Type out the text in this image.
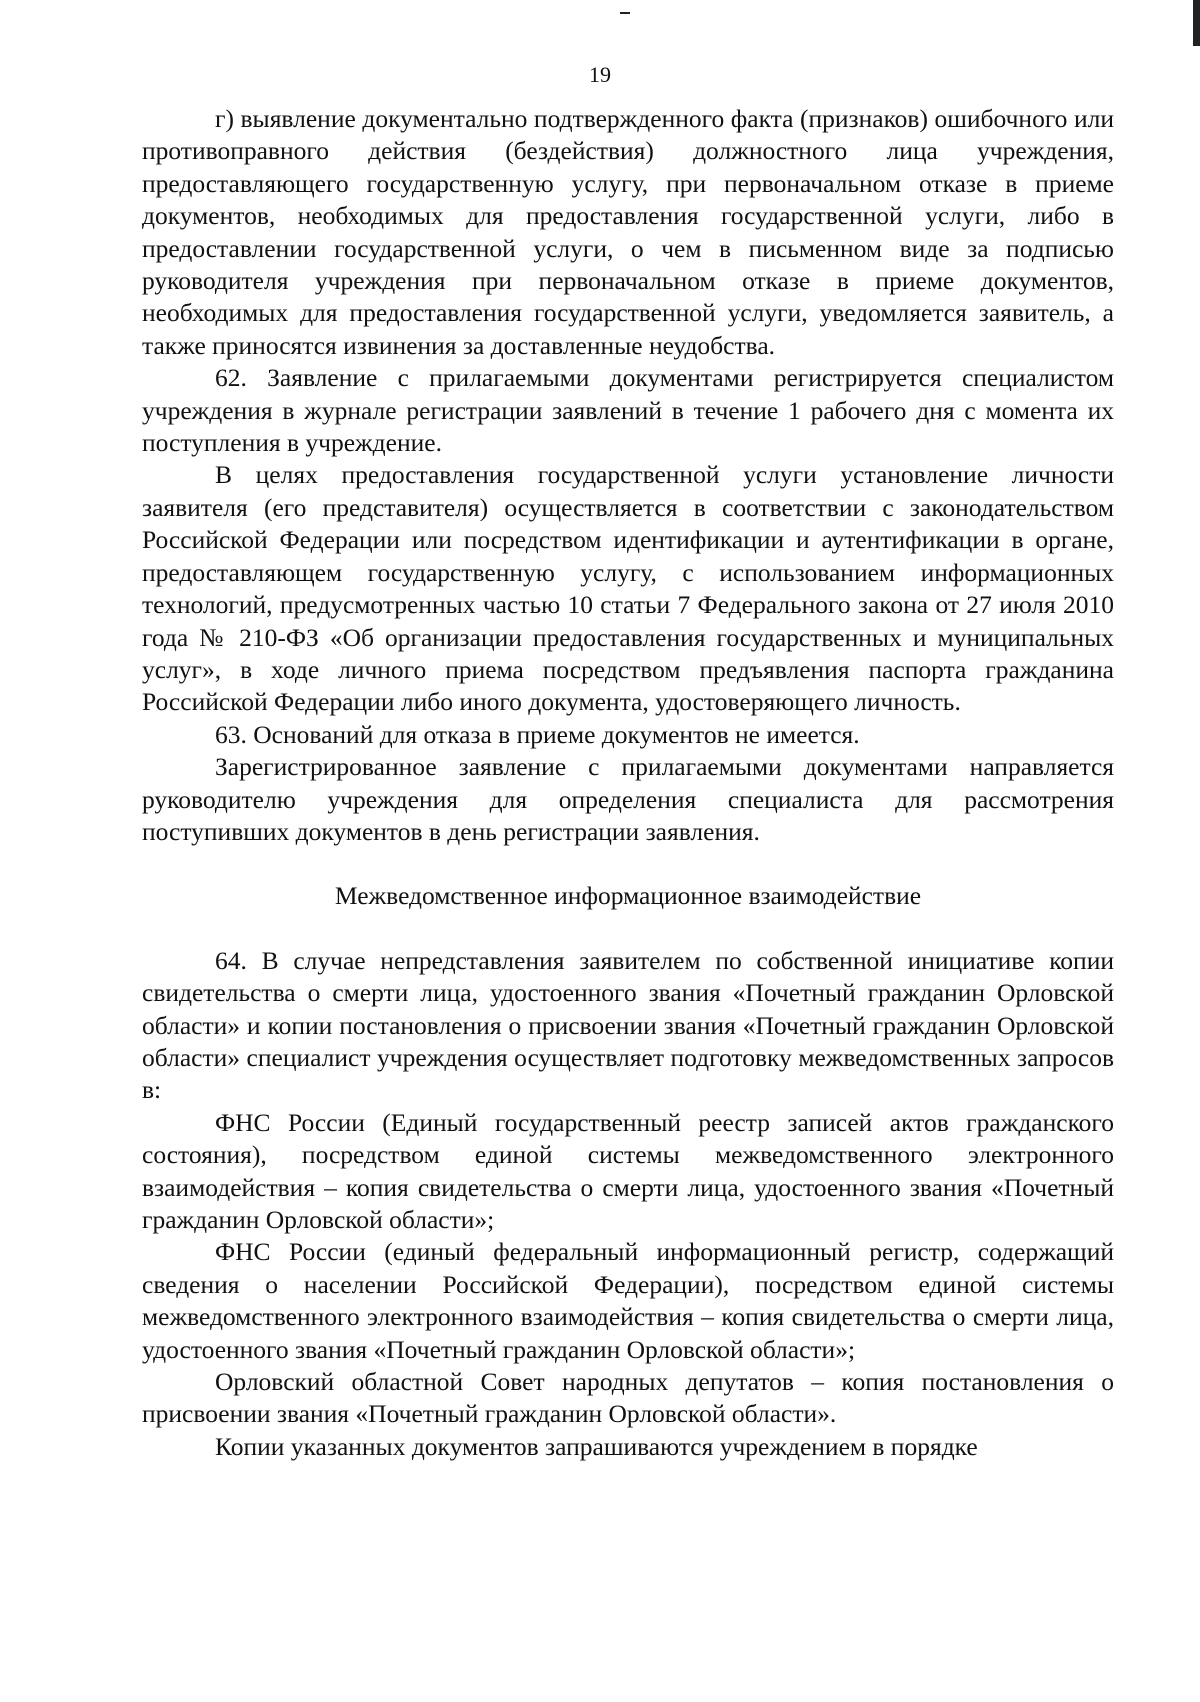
19

г) выявление документально подтвержденного факта (признаков) ошибочного или противоправного действия (бездействия) должностного лица учреждения, предоставляющего государственную услугу, при первоначальном отказе в приеме документов, необходимых для предоставления государственной услуги, либо в предоставлении государственной услуги, о чем в письменном виде за подписью руководителя учреждения при первоначальном отказе в приеме документов, необходимых для предоставления государственной услуги, уведомляется заявитель, а также приносятся извинения за доставленные неудобства.

62. Заявление с прилагаемыми документами регистрируется специалистом учреждения в журнале регистрации заявлений в течение 1 рабочего дня с момента их поступления в учреждение.

В целях предоставления государственной услуги установление личности заявителя (его представителя) осуществляется в соответствии с законодательством Российской Федерации или посредством идентификации и аутентификации в органе, предоставляющем государственную услугу, с использованием информационных технологий, предусмотренных частью 10 статьи 7 Федерального закона от 27 июля 2010 года № 210-ФЗ «Об организации предоставления государственных и муниципальных услуг», в ходе личного приема посредством предъявления паспорта гражданина Российской Федерации либо иного документа, удостоверяющего личность.

63. Оснований для отказа в приеме документов не имеется.

Зарегистрированное заявление с прилагаемыми документами направляется руководителю учреждения для определения специалиста для рассмотрения поступивших документов в день регистрации заявления.

Межведомственное информационное взаимодействие

64. В случае непредставления заявителем по собственной инициативе копии свидетельства о смерти лица, удостоенного звания «Почетный гражданин Орловской области» и копии постановления о присвоении звания «Почетный гражданин Орловской области» специалист учреждения осуществляет подготовку межведомственных запросов в:

ФНС России (Единый государственный реестр записей актов гражданского состояния), посредством единой системы межведомственного электронного взаимодействия – копия свидетельства о смерти лица, удостоенного звания «Почетный гражданин Орловской области»;

ФНС России (единый федеральный информационный регистр, содержащий сведения о населении Российской Федерации), посредством единой системы межведомственного электронного взаимодействия – копия свидетельства о смерти лица, удостоенного звания «Почетный гражданин Орловской области»;

Орловский областной Совет народных депутатов – копия постановления о присвоении звания «Почетный гражданин Орловской области».

Копии указанных документов запрашиваются учреждением в порядке
